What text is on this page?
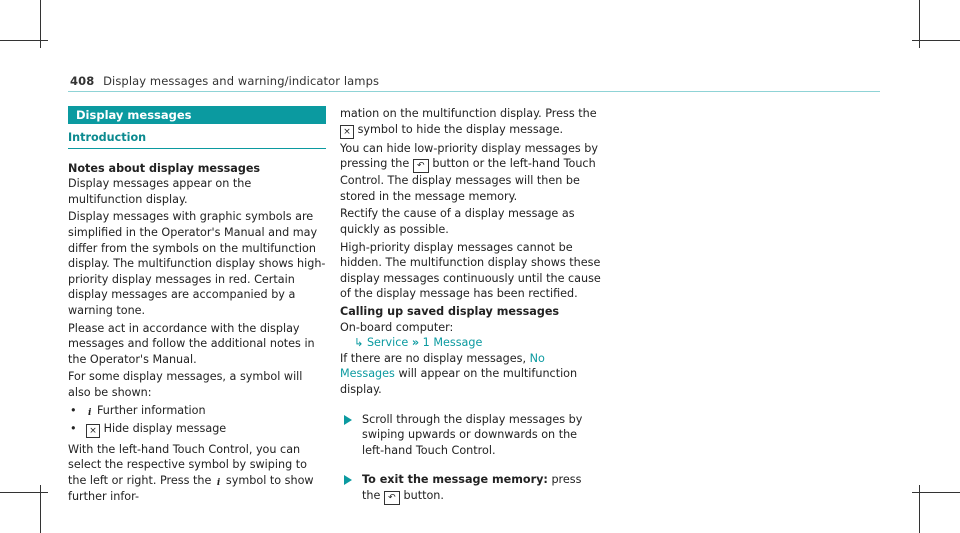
408 Display messages and warning/indicator lamps
Display messages
Introduction
Notes about display messages

Display messages appear on the multifunction display.

Display messages with graphic symbols are simplified in the Operator's Manual and may differ from the symbols on the multifunction display. The multifunction display shows high-priority display messages in red. Certain display messages are accompanied by a warning tone.

Please act in accordance with the display messages and follow the additional notes in the Operator's Manual.

For some display messages, a symbol will also be shown:

• i Further information
• × Hide display message

With the left-hand Touch Control, you can select the respective symbol by swiping to the left or right. Press the i symbol to show further infor-

mation on the multifunction display. Press the × symbol to hide the display message.

You can hide low-priority display messages by pressing the ↶ button or the left-hand Touch Control. The display messages will then be stored in the message memory.

Rectify the cause of a display message as quickly as possible.

High-priority display messages cannot be hidden. The multifunction display shows these display messages continuously until the cause of the display message has been rectified.

Calling up saved display messages
On-board computer:
↳ Service » 1 Message

If there are no display messages, No Messages will appear on the multifunction display.

Scroll through the display messages by swiping upwards or downwards on the left-hand Touch Control.
To exit the message memory: press the ↶ button.
